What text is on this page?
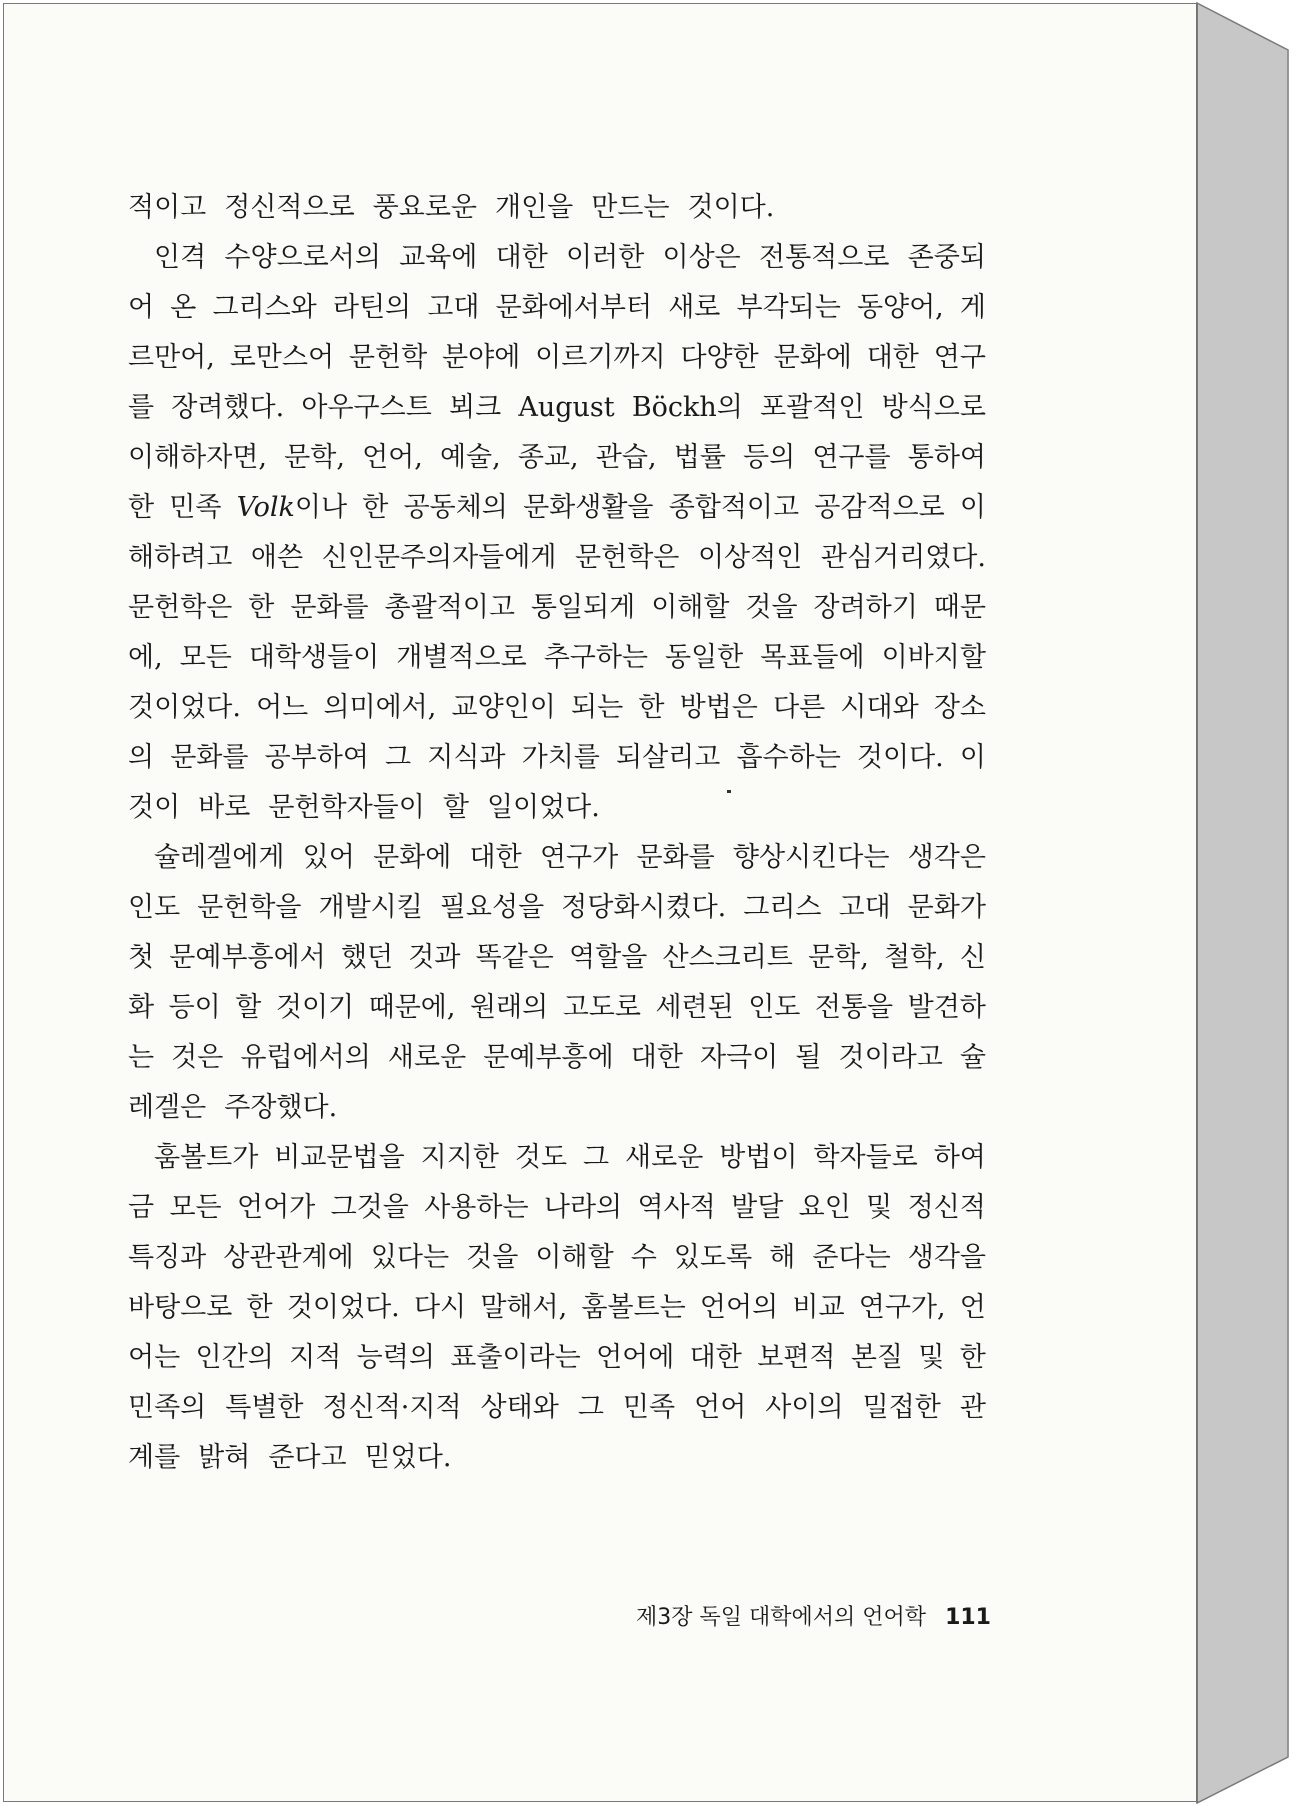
적이고 정신적으로 풍요로운 개인을 만드는 것이다.
인격 수양으로서의 교육에 대한 이러한 이상은 전통적으로 존중되
어 온 그리스와 라틴의 고대 문화에서부터 새로 부각되는 동양어, 게
르만어, 로만스어 문헌학 분야에 이르기까지 다양한 문화에 대한 연구
를 장려했다. 아우구스트 뵈크 August Böckh의 포괄적인 방식으로
이해하자면, 문학, 언어, 예술, 종교, 관습, 법률 등의 연구를 통하여
한 민족 Volk이나 한 공동체의 문화생활을 종합적이고 공감적으로 이
해하려고 애쓴 신인문주의자들에게 문헌학은 이상적인 관심거리였다.
문헌학은 한 문화를 총괄적이고 통일되게 이해할 것을 장려하기 때문
에, 모든 대학생들이 개별적으로 추구하는 동일한 목표들에 이바지할
것이었다. 어느 의미에서, 교양인이 되는 한 방법은 다른 시대와 장소
의 문화를 공부하여 그 지식과 가치를 되살리고 흡수하는 것이다. 이
것이 바로 문헌학자들이 할 일이었다.
슐레겔에게 있어 문화에 대한 연구가 문화를 향상시킨다는 생각은
인도 문헌학을 개발시킬 필요성을 정당화시켰다. 그리스 고대 문화가
첫 문예부흥에서 했던 것과 똑같은 역할을 산스크리트 문학, 철학, 신
화 등이 할 것이기 때문에, 원래의 고도로 세련된 인도 전통을 발견하
는 것은 유럽에서의 새로운 문예부흥에 대한 자극이 될 것이라고 슐
레겔은 주장했다.
훔볼트가 비교문법을 지지한 것도 그 새로운 방법이 학자들로 하여
금 모든 언어가 그것을 사용하는 나라의 역사적 발달 요인 및 정신적
특징과 상관관계에 있다는 것을 이해할 수 있도록 해 준다는 생각을
바탕으로 한 것이었다. 다시 말해서, 훔볼트는 언어의 비교 연구가, 언
어는 인간의 지적 능력의 표출이라는 언어에 대한 보편적 본질 및 한
민족의 특별한 정신적·지적 상태와 그 민족 언어 사이의 밀접한 관
계를 밝혀 준다고 믿었다.
제3장 독일 대학에서의 언어학 111
